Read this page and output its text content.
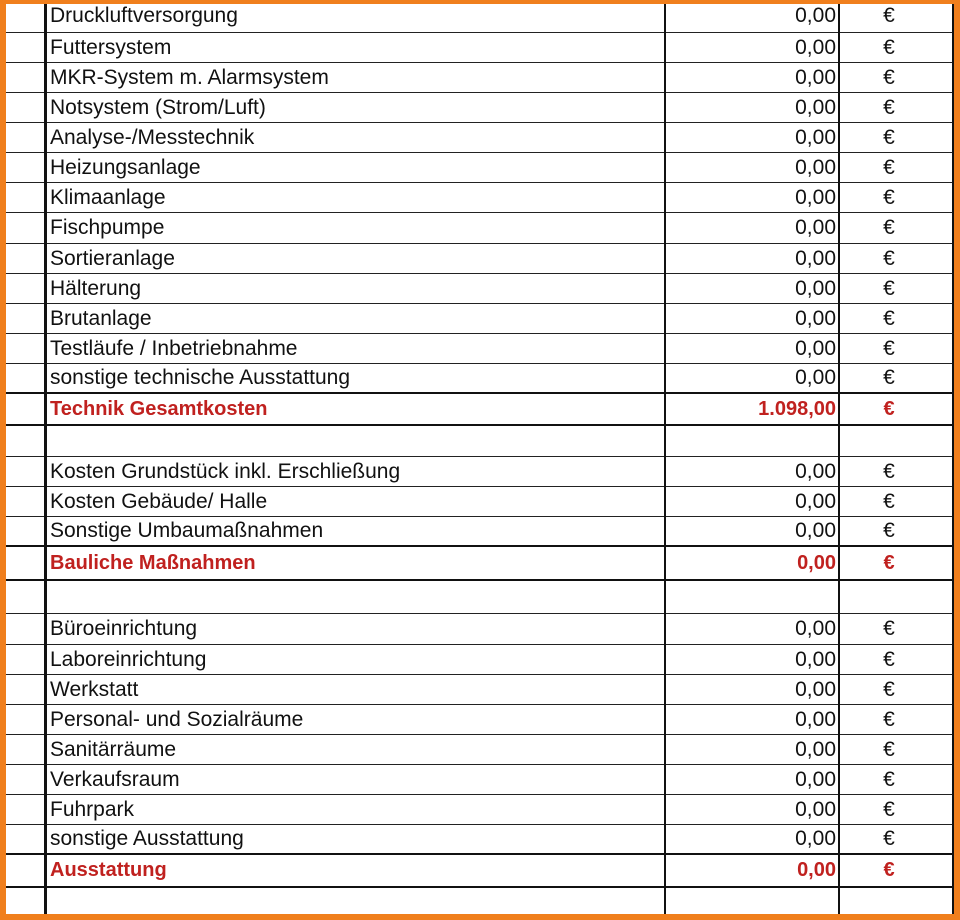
Druckluftversorgung	0,00	€
Futtersystem	0,00	€
MKR-System m. Alarmsystem	0,00	€
Notsystem (Strom/Luft)	0,00	€
Analyse-/Messtechnik	0,00	€
Heizungsanlage	0,00	€
Klimaanlage	0,00	€
Fischpumpe	0,00	€
Sortieranlage	0,00	€
Hälterung	0,00	€
Brutanlage	0,00	€
Testläufe / Inbetriebnahme	0,00	€
sonstige technische Ausstattung	0,00	€
Technik Gesamtkosten	1.098,00	€
Kosten Grundstück inkl. Erschließung	0,00	€
Kosten Gebäude/ Halle	0,00	€
Sonstige Umbaumaßnahmen	0,00	€
Bauliche Maßnahmen	0,00	€
Büroeinrichtung	0,00	€
Laboreinrichtung	0,00	€
Werkstatt	0,00	€
Personal- und Sozialräume	0,00	€
Sanitärräume	0,00	€
Verkaufsraum	0,00	€
Fuhrpark	0,00	€
sonstige Ausstattung	0,00	€
Ausstattung	0,00	€
